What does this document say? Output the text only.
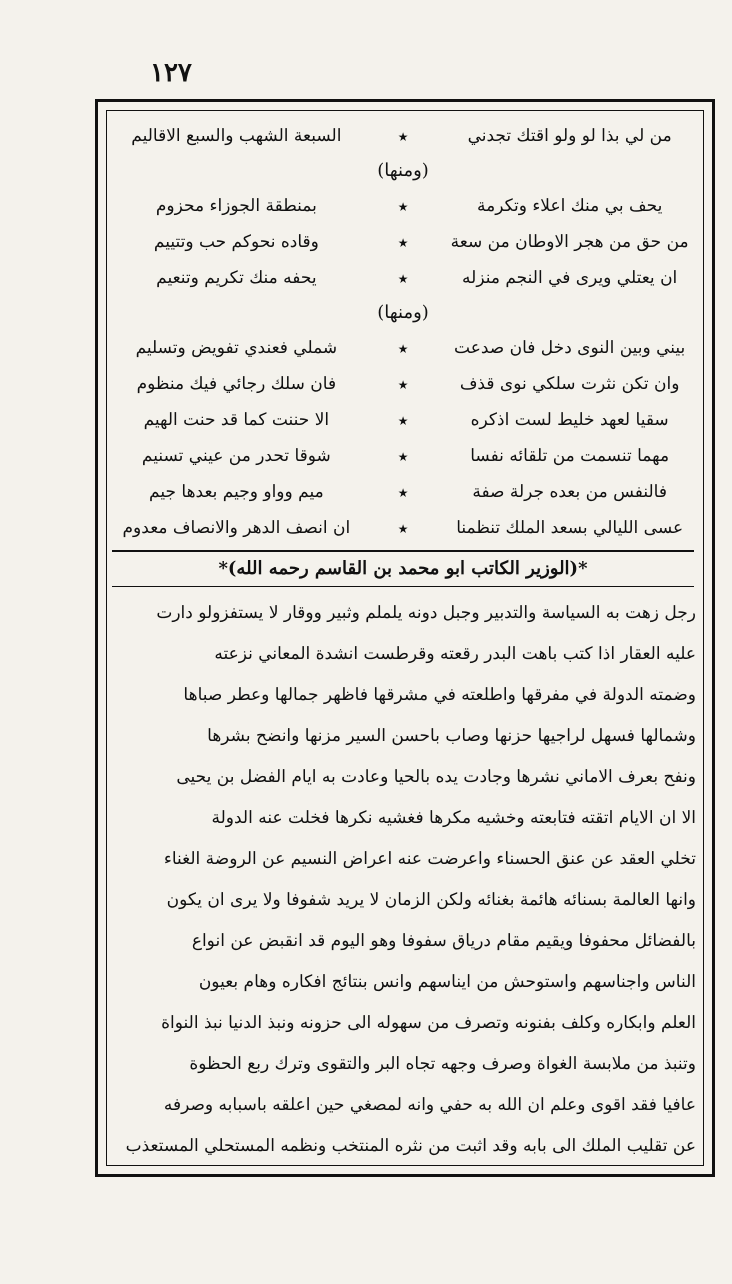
١٢٧
من لي بذا لو ولو اقتك تجدني
٭
السبعة الشهب والسبع الاقاليم
(ومنها)
يحف بي منك اعلاء وتكرمة
٭
بمنطقة الجوزاء محزوم
من حق من هجر الاوطان من سعة
٭
وقاده نحوكم حب وتتييم
ان يعتلي ويرى في النجم منزله
٭
يحفه منك تكريم وتنعيم
(ومنها)
بيني وبين النوى دخل فان صدعت
٭
شملي فعندي تفويض وتسليم
وان تكن نثرت سلكي نوى قذف
٭
فان سلك رجائي فيك منظوم
سقيا لعهد خليط لست اذكره
٭
الا حننت كما قد حنت الهيم
مهما تنسمت من تلقائه نفسا
٭
شوقا تحدر من عيني تسنيم
فالنفس من بعده جرلة صفة
٭
ميم وواو وجيم بعدها جيم
عسى الليالي بسعد الملك تنظمنا
٭
ان انصف الدهر والانصاف معدوم
*(الوزير الكاتب ابو محمد بن القاسم رحمه الله)*
رجل زهت به السياسة والتدبير وجبل دونه يلملم وثبير ووقار لا يستفزولو دارت
عليه العقار اذا كتب باهت البدر رقعته وقرطست انشدة المعاني نزعته
وضمته الدولة في مفرقها واطلعته في مشرقها فاظهر جمالها وعطر صباها
وشمالها فسهل لراجيها حزنها وصاب باحسن السير مزنها وانضح بشرها
ونفح بعرف الاماني نشرها وجادت يده بالحيا وعادت به ايام الفضل بن يحيى
الا ان الايام اتقته فتابعته وخشيه مكرها فغشيه نكرها فخلت عنه الدولة
تخلي العقد عن عنق الحسناء واعرضت عنه اعراض النسيم عن الروضة الغناء
وانها العالمة بسنائه هائمة بغنائه ولكن الزمان لا يريد شفوفا ولا يرى ان يكون
بالفضائل محفوفا ويقيم مقام درياق سفوفا وهو اليوم قد انقبض عن انواع
الناس واجناسهم واستوحش من ايناسهم وانس بنتائج افكاره وهام بعيون
العلم وابكاره وكلف بفنونه وتصرف من سهوله الى حزونه ونبذ الدنيا نبذ النواة
وتنبذ من ملابسة الغواة وصرف وجهه تجاه البر والتقوى وترك ربع الحظوة
عافيا فقد اقوى وعلم ان الله به حفي وانه لمصغي حين اعلقه باسبابه وصرفه
عن تقليب الملك الى بابه وقد اثبت من نثره المنتخب ونظمه المستحلي المستعذب
